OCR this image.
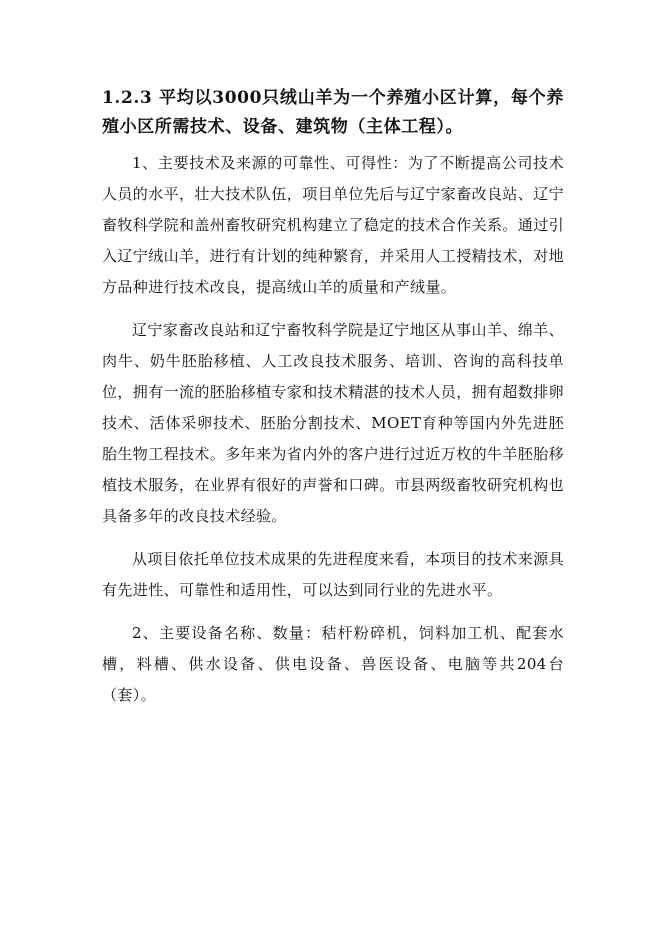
1.2.3 平均以3000只绒山羊为一个养殖小区计算，每个养殖小区所需技术、设备、建筑物（主体工程）。

1、主要技术及来源的可靠性、可得性：为了不断提高公司技术人员的水平，壮大技术队伍，项目单位先后与辽宁家畜改良站、辽宁畜牧科学院和盖州畜牧研究机构建立了稳定的技术合作关系。通过引入辽宁绒山羊，进行有计划的纯种繁育，并采用人工授精技术，对地方品种进行技术改良，提高绒山羊的质量和产绒量。

辽宁家畜改良站和辽宁畜牧科学院是辽宁地区从事山羊、绵羊、肉牛、奶牛胚胎移植、人工改良技术服务、培训、咨询的高科技单位，拥有一流的胚胎移植专家和技术精湛的技术人员，拥有超数排卵技术、活体采卵技术、胚胎分割技术、MOET育种等国内外先进胚胎生物工程技术。多年来为省内外的客户进行过近万枚的牛羊胚胎移植技术服务，在业界有很好的声誉和口碑。市县两级畜牧研究机构也具备多年的改良技术经验。

从项目依托单位技术成果的先进程度来看，本项目的技术来源具有先进性、可靠性和适用性，可以达到同行业的先进水平。

2、主要设备名称、数量：秸杆粉碎机，饲料加工机、配套水槽，料槽、供水设备、供电设备、兽医设备、电脑等共204台（套）。
